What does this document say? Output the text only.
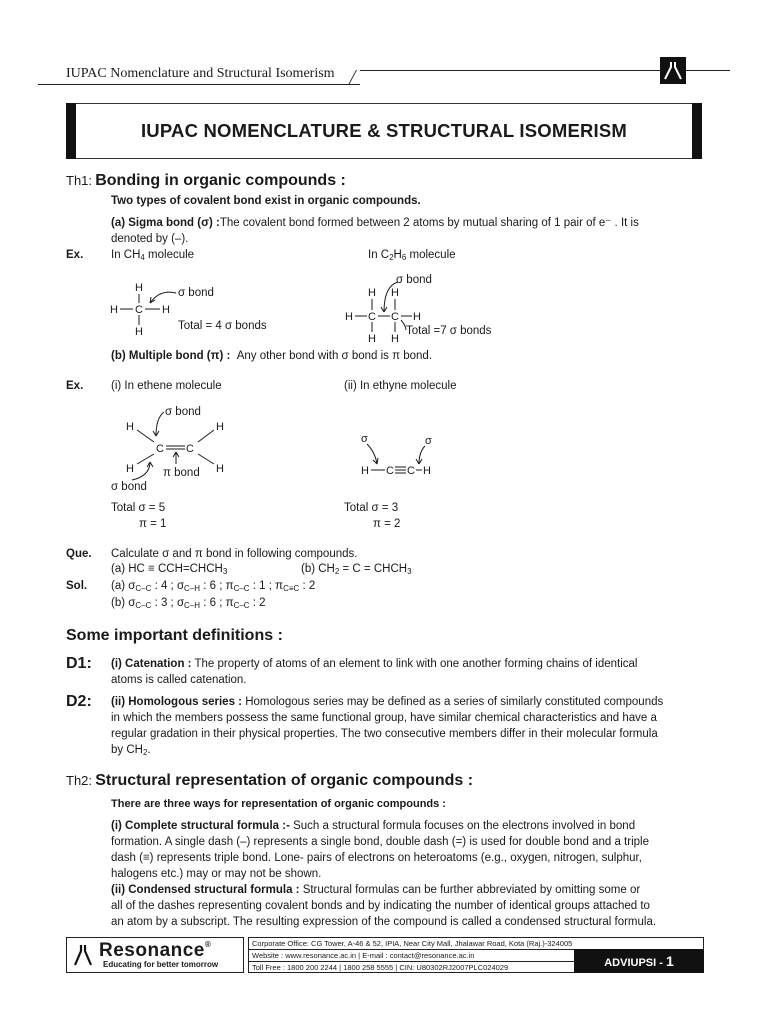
IUPAC Nomenclature and Structural Isomerism
IUPAC NOMENCLATURE & STRUCTURAL ISOMERISM
Th1: Bonding in organic compounds :
Two types of covalent bond exist in organic compounds.
(a) Sigma bond (σ) :The covalent bond formed between 2 atoms by mutual sharing of 1 pair of e⁻ . It is
denoted by (–).
Ex. In $CH_4$ molecule	In $C_2H_6$ molecule
H
H C H
H
σ bond
Total = 4 σ bonds
H H
H C C H
H H
σ bond
Total =7 σ bonds
(b) Multiple bond (π) : Any other bond with σ bond is π bond.
Ex. (i) In ethene molecule	(ii) In ethyne molecule
H	H
C C
H	H
σ bond
π bond
σ bond
σ	σ
H C C H
Total σ = 5
π = 1
Total σ = 3
π = 2
Que. Calculate σ and π bond in following compounds.
(a) HC ≡ $CCH=CHCH_3$	(b) $CH_2 = C$ = $CHCH_3$
Sol. (a) $\sigma_{C-C}$ : 4 ; $\sigma_{C-H}$ : 6 ; $\pi_{C-C}$ : 1 ; $\pi_{C\equiv C}$ : 2
(b) $\sigma_{C-C}$ : 3 ; $\sigma_{C-H}$ : 6 ; $\pi_{C-C}$ : 2
Some important definitions :
D1: (i) Catenation : The property of atoms of an element to link with one another forming chains of identical
atoms is called catenation.
D2: (ii) Homologous series : Homologous series may be defined as a series of similarly constituted compounds
in which the members possess the same functional group, have similar chemical characteristics and have a
regular gradation in their physical properties. The two consecutive members differ in their molecular formula
by $CH_2$.
Th2: Structural representation of organic compounds :
There are three ways for representation of organic compounds :
(i) Complete structural formula :- Such a structural formula focuses on the electrons involved in bond
formation. A single dash (–) represents a single bond, double dash (=) is used for double bond and a triple
dash (≡) represents triple bond. Lone- pairs of electrons on heteroatoms (e.g., oxygen, nitrogen, sulphur,
halogens etc.) may or may not be shown.
(ii) Condensed structural formula : Structural formulas can be further abbreviated by omitting some or
all of the dashes representing covalent bonds and by indicating the number of identical groups attached to
an atom by a subscript. The resulting expression of the compound is called a condensed structural formula.
Resonance®
Educating for better tomorrow
Corporate Office: CG Tower, A-46 & 52, IPIA, Near City Mall, Jhalawar Road, Kota (Raj.)-324005
Website : www.resonance.ac.in | E-mail : contact@resonance.ac.in
Toll Free : 1800 200 2244 | 1800 258 5555 | CIN: U80302RJ2007PLC024029	ADVIUPSI - 1
